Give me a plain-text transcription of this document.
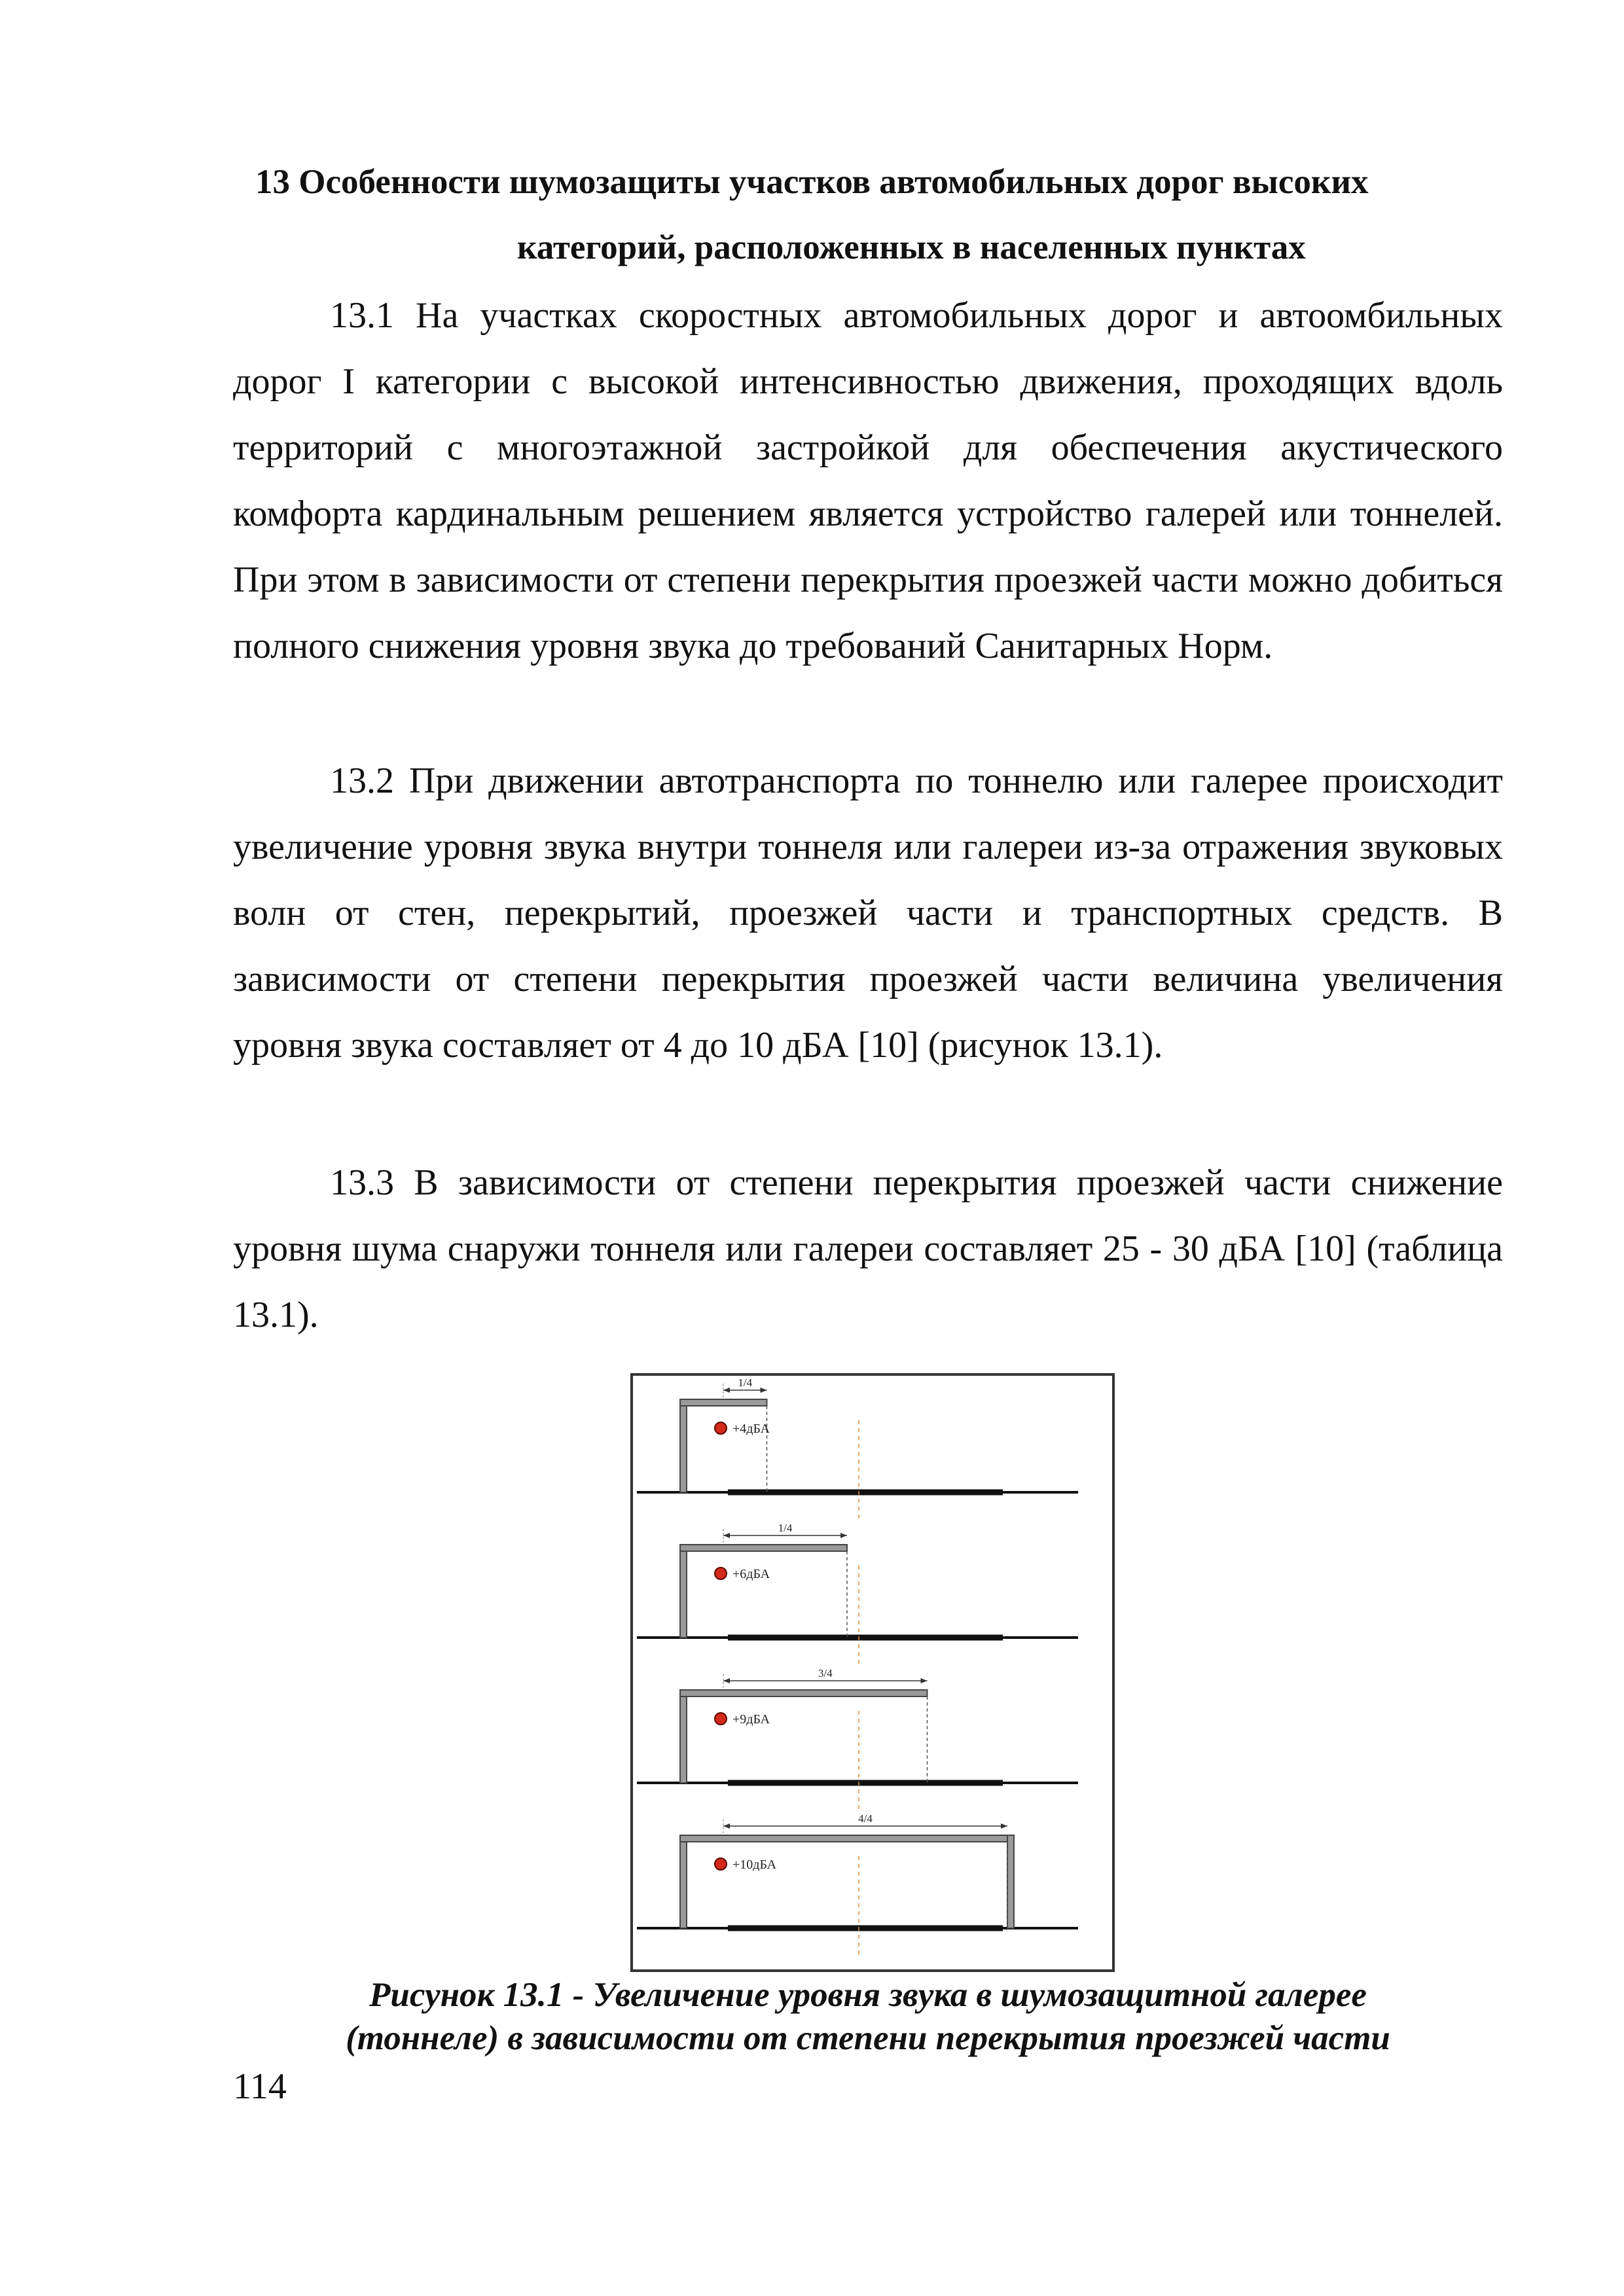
13 Особенности шумозащиты участков автомобильных дорог высоких
категорий, расположенных в населенных пунктах

13.1 На участках скоростных автомобильных дорог и автоомбильных дорог I категории с высокой интенсивностью движения, проходящих вдоль территорий с многоэтажной застройкой для обеспечения акустического комфорта кардинальным решением является устройство галерей или тоннелей. При этом в зависимости от степени перекрытия проезжей части можно добиться полного снижения уровня звука до требований Санитарных Норм.

13.2 При движении автотранспорта по тоннелю или галерее происходит увеличение уровня звука внутри тоннеля или галереи из-за отражения звуковых волн от стен, перекрытий, проезжей части и транспортных средств. В зависимости от степени перекрытия проезжей части величина увеличения уровня звука составляет от 4 до 10 дБА [10] (рисунок 13.1).

13.3 В зависимости от степени перекрытия проезжей части снижение уровня шума снаружи тоннеля или галереи составляет 25 - 30 дБА [10] (таблица 13.1).

1/4
+4дБА
1/4
+6дБА
3/4
+9дБА
4/4
+10дБА
Рисунок 13.1 - Увеличение уровня звука в шумозащитной галерее
(тоннеле) в зависимости от степени перекрытия проезжей части
114
